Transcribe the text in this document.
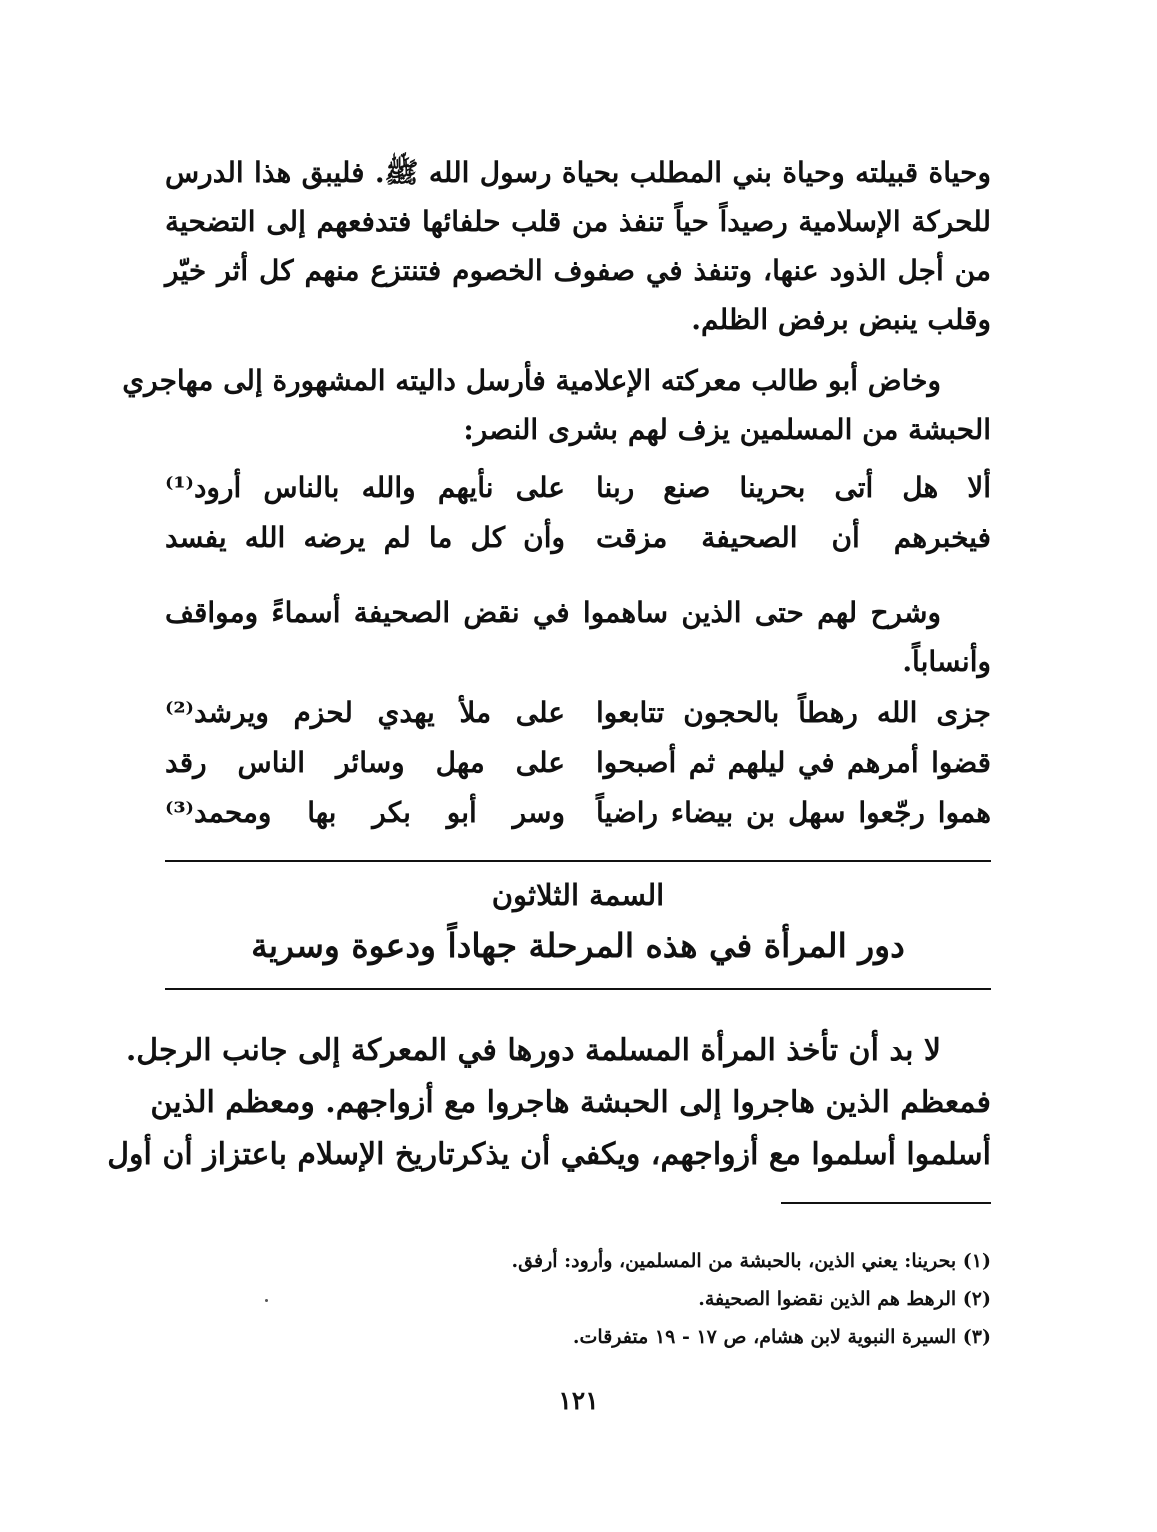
وحياة قبيلته وحياة بني المطلب بحياة رسول الله ﷺ. فليبق هذا الدرس
للحركة الإسلامية رصيداً حياً تنفذ من قلب حلفائها فتدفعهم إلى التضحية
من أجل الذود عنها، وتنفذ في صفوف الخصوم فتنتزع منهم كل أثر خيّر
وقلب ينبض برفض الظلم.
وخاض أبو طالب معركته الإعلامية فأرسل داليته المشهورة إلى مهاجري
الحبشة من المسلمين يزف لهم بشرى النصر:
ألا هل أتى بحرينا صنع ربنا
على نأيهم والله بالناس أرود⁽¹⁾
فيخبرهم أن الصحيفة مزقت
وأن كل ما لم يرضه الله يفسد
وشرح لهم حتى الذين ساهموا في نقض الصحيفة أسماءً ومواقف
وأنساباً.
جزى الله رهطاً بالحجون تتابعوا
على ملأ يهدي لحزم ويرشد⁽²⁾
قضوا أمرهم في ليلهم ثم أصبحوا
على مهل وسائر الناس رقد
هموا رجّعوا سهل بن بيضاء راضياً
وسر أبو بكر بها ومحمد⁽³⁾
السمة الثلاثون
دور المرأة في هذه المرحلة جهاداً ودعوة وسرية
لا بد أن تأخذ المرأة المسلمة دورها في المعركة إلى جانب الرجل.
فمعظم الذين هاجروا إلى الحبشة هاجروا مع أزواجهم. ومعظم الذين
أسلموا أسلموا مع أزواجهم، ويكفي أن يذكرتاريخ الإسلام باعتزاز أن أول
(١) بحرينا: يعني الذين، بالحبشة من المسلمين، وأرود: أرفق.
(٢) الرهط هم الذين نقضوا الصحيفة.
(٣) السيرة النبوية لابن هشام، ص ١٧ - ١٩ متفرقات.
١٢١
